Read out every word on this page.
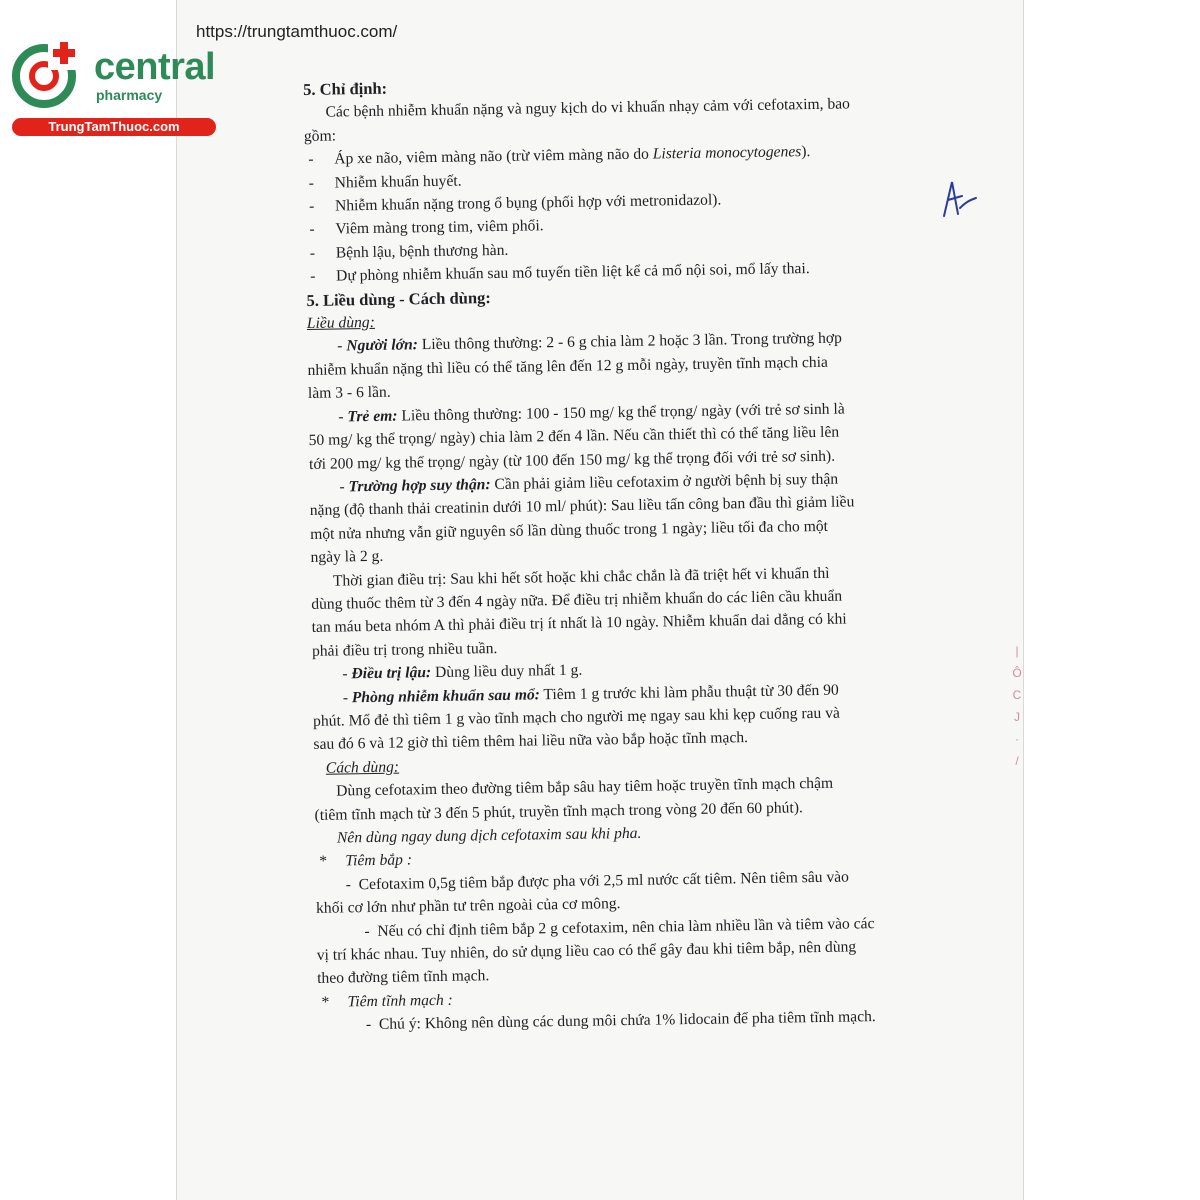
https://trungtamthuoc.com/
central
pharmacy
TrungTamThuoc.com

5. Chỉ định:

Các bệnh nhiễm khuẩn nặng và nguy kịch do vi khuẩn nhạy cảm với cefotaxim, bao

gồm:

- Áp xe não, viêm màng não (trừ viêm màng não do Listeria monocytogenes).

- Nhiễm khuẩn huyết.

- Nhiễm khuẩn nặng trong ổ bụng (phối hợp với metronidazol).

- Viêm màng trong tim, viêm phổi.

- Bệnh lậu, bệnh thương hàn.

- Dự phòng nhiễm khuẩn sau mổ tuyến tiền liệt kể cả mổ nội soi, mổ lấy thai.

5. Liều dùng - Cách dùng:

Liều dùng:

- Người lớn: Liều thông thường: 2 - 6 g chia làm 2 hoặc 3 lần. Trong trường hợp

nhiễm khuẩn nặng thì liều có thể tăng lên đến 12 g mỗi ngày, truyền tĩnh mạch chia

làm 3 - 6 lần.

- Trẻ em: Liều thông thường: 100 - 150 mg/ kg thể trọng/ ngày (với trẻ sơ sinh là

50 mg/ kg thể trọng/ ngày) chia làm 2 đến 4 lần. Nếu cần thiết thì có thể tăng liều lên

tới 200 mg/ kg thể trọng/ ngày (từ 100 đến 150 mg/ kg thể trọng đối với trẻ sơ sinh).

- Trường hợp suy thận: Cần phải giảm liều cefotaxim ở người bệnh bị suy thận

nặng (độ thanh thải creatinin dưới 10 ml/ phút): Sau liều tấn công ban đầu thì giảm liều

một nửa nhưng vẫn giữ nguyên số lần dùng thuốc trong 1 ngày; liều tối đa cho một

ngày là 2 g.

Thời gian điều trị: Sau khi hết sốt hoặc khi chắc chắn là đã triệt hết vi khuẩn thì

dùng thuốc thêm từ 3 đến 4 ngày nữa. Để điều trị nhiễm khuẩn do các liên cầu khuẩn

tan máu beta nhóm A thì phải điều trị ít nhất là 10 ngày. Nhiễm khuẩn dai dẳng có khi

phải điều trị trong nhiều tuần.

- Điều trị lậu: Dùng liều duy nhất 1 g.

- Phòng nhiễm khuẩn sau mổ: Tiêm 1 g trước khi làm phẫu thuật từ 30 đến 90

phút. Mổ đẻ thì tiêm 1 g vào tĩnh mạch cho người mẹ ngay sau khi kẹp cuống rau và

sau đó 6 và 12 giờ thì tiêm thêm hai liều nữa vào bắp hoặc tĩnh mạch.

Cách dùng:

Dùng cefotaxim theo đường tiêm bắp sâu hay tiêm hoặc truyền tĩnh mạch chậm

(tiêm tĩnh mạch từ 3 đến 5 phút, truyền tĩnh mạch trong vòng 20 đến 60 phút).

Nên dùng ngay dung dịch cefotaxim sau khi pha.

* Tiêm bắp :

-  Cefotaxim 0,5g tiêm bắp được pha với 2,5 ml nước cất tiêm. Nên tiêm sâu vào

khối cơ lớn như phần tư trên ngoài của cơ mông.

-  Nếu có chỉ định tiêm bắp 2 g cefotaxim, nên chia làm nhiều lần và tiêm vào các

vị trí khác nhau. Tuy nhiên, do sử dụng liều cao có thể gây đau khi tiêm bắp, nên dùng

theo đường tiêm tĩnh mạch.

* Tiêm tĩnh mạch :

-  Chú ý: Không nên dùng các dung môi chứa 1% lidocain để pha tiêm tĩnh mạch.

|
Ô
C
J
·
/
